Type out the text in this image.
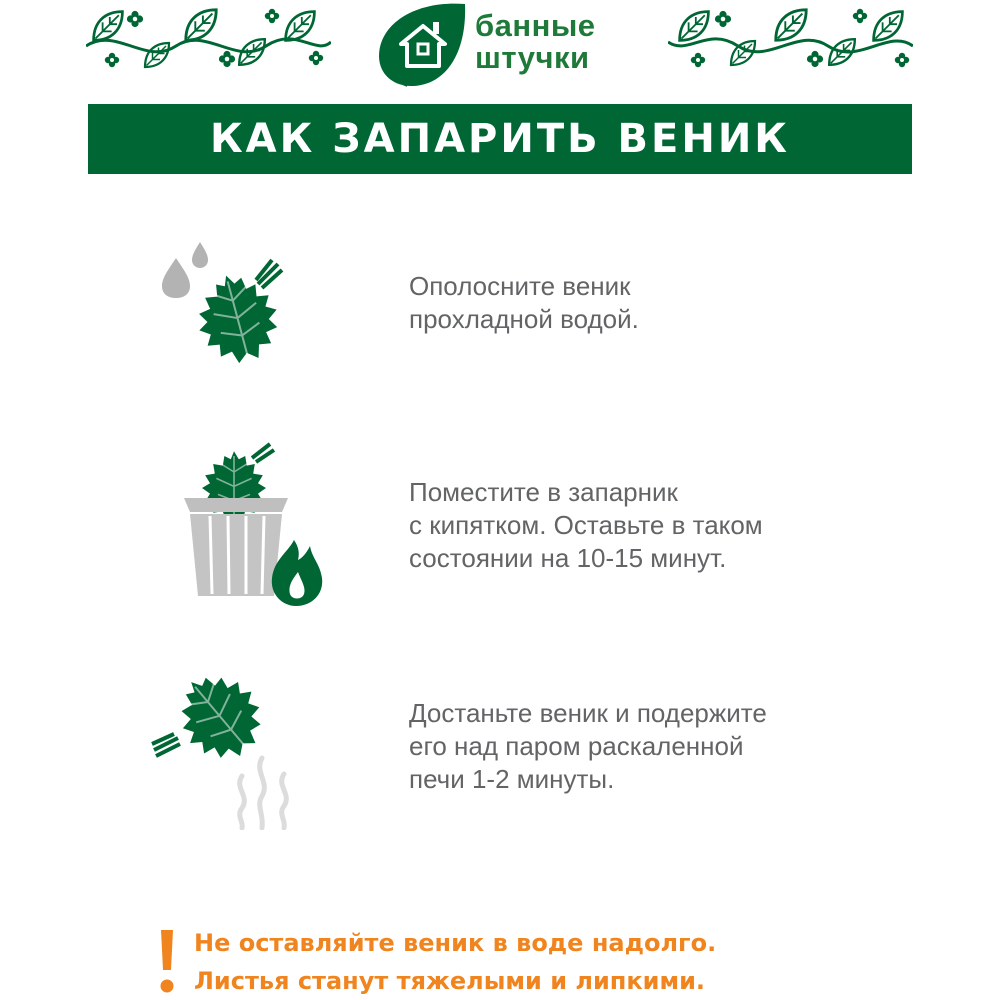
банные
штучки
КАК ЗАПАРИТЬ ВЕНИК

Ополосните веник
прохладной водой.

Поместите в запарник
с кипятком. Оставьте в таком
состоянии на 10-15 минут.

Достаньте веник и подержите
его над паром раскаленной
печи 1-2 минуты.

Не оставляйте веник в воде надолго.
Листья станут тяжелыми и липкими.
